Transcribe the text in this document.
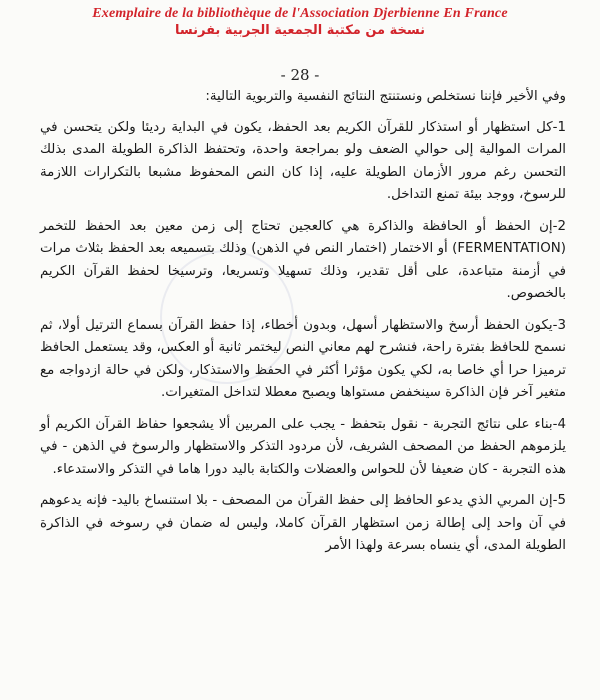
Exemplaire de la bibliothèque de l'Association Djerbienne En France
نسخة من مكتبة الجمعية الجربية بفرنسا
- 28 -

وفي الأخير فإننا نستخلص ونستنتج النتائج النفسية والتربوية التالية:

1-كل استظهار أو استذكار للقرآن الكريم بعد الحفظ، يكون في البداية رديئا ولكن يتحسن في المرات الموالية إلى حوالي الضعف ولو بمراجعة واحدة، وتحتفظ الذاكرة الطويلة المدى بذلك التحسن رغم مرور الأزمان الطويلة عليه، إذا كان النص المحفوظ مشبعا بالتكرارات اللازمة للرسوخ، ووجد بيئة تمنع التداخل.

2-إن الحفظ أو الحافظة والذاكرة هي كالعجين تحتاج إلى زمن معين بعد الحفظ للتخمر (FERMENTATION) أو الاختمار (اختمار النص في الذهن) وذلك بتسميعه بعد الحفظ بثلاث مرات في أزمنة متباعدة، على أقل تقدير، وذلك تسهيلا وتسريعا، وترسيخا لحفظ القرآن الكريم بالخصوص.

3-يكون الحفظ أرسخ والاستظهار أسهل، وبدون أخطاء، إذا حفظ القرآن بسماع الترتيل أولا، ثم نسمح للحافظ بفترة راحة، فنشرح لهم معاني النص ليختمر ثانية أو العكس، وقد يستعمل الحافظ ترميزا حرا أي خاصا به، لكي يكون مؤثرا أكثر في الحفظ والاستذكار، ولكن في حالة ازدواجه مع متغير آخر فإن الذاكرة سينخفض مستواها ويصبح معطلا لتداخل المتغيرات.

4-بناء على نتائج التجربة - نقول بتحفظ - يجب على المربين ألا يشجعوا حفاظ القرآن الكريم أو يلزموهم الحفظ من المصحف الشريف، لأن مردود التذكر والاستظهار والرسوخ في الذهن - في هذه التجربة - كان ضعيفا لأن للحواس والعضلات والكتابة باليد دورا هاما في التذكر والاستدعاء.

5-إن المربي الذي يدعو الحافظ إلى حفظ القرآن من المصحف - بلا استنساخ باليد- فإنه يدعوهم في آن واحد إلى إطالة زمن استظهار القرآن كاملا، وليس له ضمان في رسوخه في الذاكرة الطويلة المدى، أي ينساه بسرعة ولهذا الأمر
